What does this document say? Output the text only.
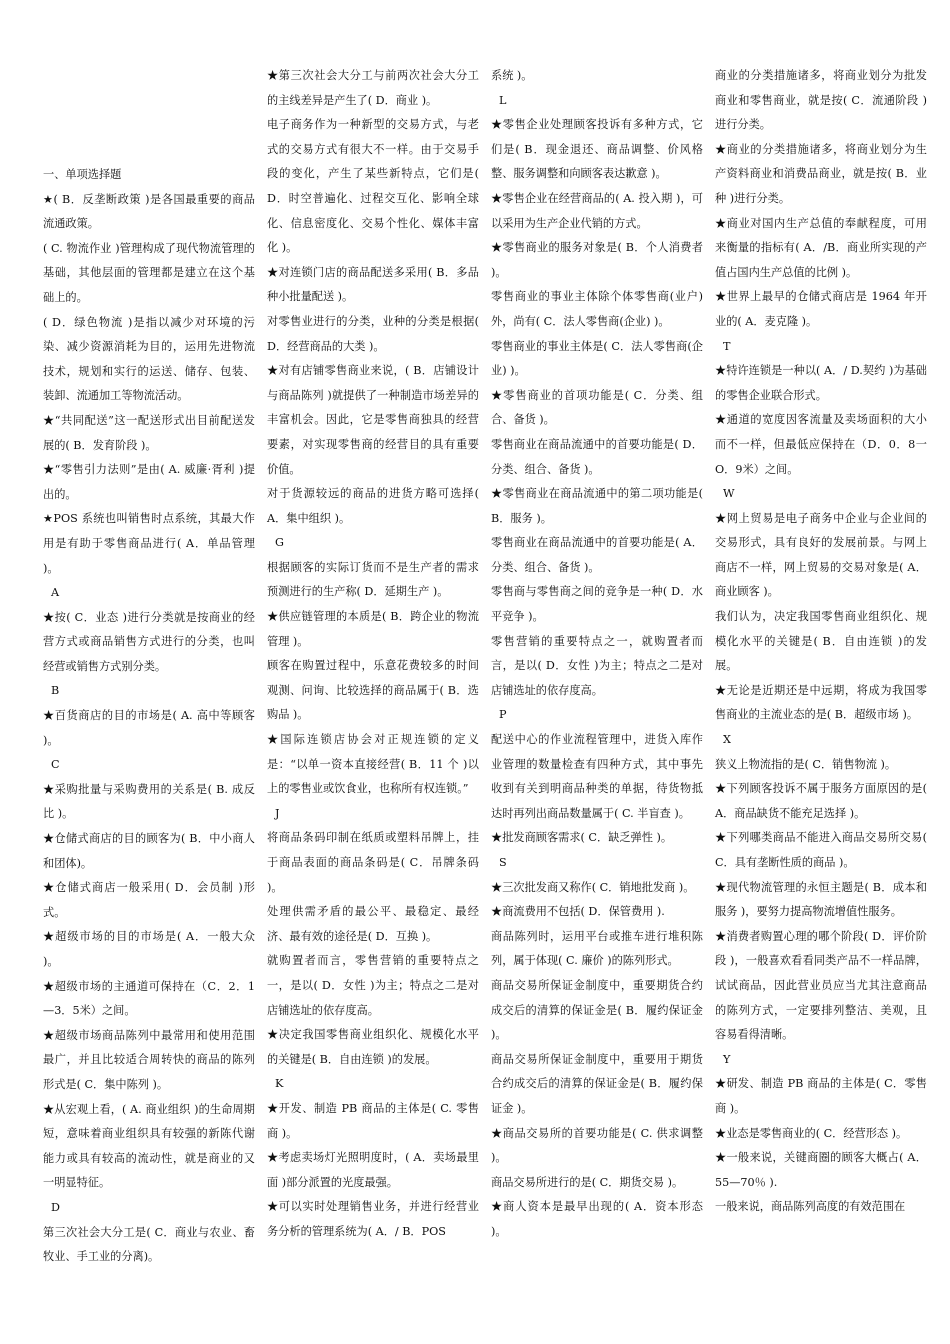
一、单项选择题

★( B．反垄断政策 )是各国最重要的商品流通政策。

( C. 物流作业 )管理构成了现代物流管理的基础，其他层面的管理都是建立在这个基础上的。

( D．绿色物流 )是指以减少对环境的污染、减少资源消耗为目的，运用先进物流技术，规划和实行的运送、储存、包装、装卸、流通加工等物流活动。

★“共同配送”这一配送形式出目前配送发展的( B．发育阶段 )。

★“零售引力法则”是由( A. 威廉·胥利 )提出的。

★POS 系统也叫销售时点系统，其最大作用是有助于零售商品进行( A．单品管理 )。

A

★按( C．业态 )进行分类就是按商业的经营方式或商品销售方式进行的分类，也叫经营或销售方式别分类。

B

★百货商店的目的市场是( A. 高中等顾客 )。

C

★采购批量与采购费用的关系是( B. 成反比 )。

★仓储式商店的目的顾客为( B．中小商人和团体)。

★仓储式商店一般采用( D．会员制 )形式。

★超级市场的目的市场是( A．一般大众 )。

★超级市场的主通道可保持在（C．2．1—3．5米）之间。

★超级市场商品陈列中最常用和使用范围最广，并且比较适合周转快的商品的陈列形式是( C．集中陈列 )。

★从宏观上看，( A. 商业组织 )的生命周期短，意味着商业组织具有较强的新陈代谢能力或具有较高的流动性，就是商业的又一明显特征。

D

第三次社会大分工是( C．商业与农业、畜牧业、手工业的分离)。

★第三次社会大分工与前两次社会大分工的主线差异是产生了( D．商业 )。

电子商务作为一种新型的交易方式，与老式的交易方式有很大不一样。由于交易手段的变化，产生了某些新特点，它们是( D．时空普遍化、过程交互化、影响全球化、信息密度化、交易个性化、媒体丰富化 )。

★对连锁门店的商品配送多采用( B．多品种小批量配送 )。

对零售业进行的分类，业种的分类是根据( D．经营商品的大类 )。

★对有店铺零售商业来说，( B．店铺设计与商品陈列 )就提供了一种制造市场差异的丰富机会。因此，它是零售商独具的经营要素，对实现零售商的经营目的具有重要价值。

对于货源较远的商品的进货方略可选择( A．集中组织 )。

G

根据顾客的实际订货而不是生产者的需求预测进行的生产称( D．延期生产 )。

★供应链管理的本质是( B．跨企业的物流管理 )。

顾客在购置过程中，乐意花费较多的时间观测、问询、比较选择的商品属于( B．选购品 )。

★国际连锁店协会对正规连锁的定义是：“以单一资本直接经营( B．11 个 )以上的零售业或饮食业，也称所有权连锁。”

J

将商品条码印制在纸质或塑料吊牌上，挂于商品表面的商品条码是( C．吊牌条码 )。

处理供需矛盾的最公平、最稳定、最经济、最有效的途径是( D．互换 )。

就购置者而言，零售营销的重要特点之一，是以( D．女性 )为主；特点之二是对店铺选址的依存度高。

★决定我国零售商业组织化、规模化水平的关键是( B．自由连锁 )的发展。

K

★开发、制造 PB 商品的主体是( C. 零售商 )。

★考虑卖场灯光照明度时，( A．卖场最里面 )部分派置的光度最强。

★可以实时处理销售业务，并进行经营业务分析的管理系统为( A．/ B．POS

系统 )。

L

★零售企业处理顾客投诉有多种方式，它们是( B．现金退还、商品调整、价风格整、服务调整和向顾客表达歉意 )。

★零售企业在经营商品的( A. 投入期 )，可以采用为生产企业代销的方式。

★零售商业的服务对象是( B．个人消费者 )。

零售商业的事业主体除个体零售商(业户)外，尚有( C．法人零售商(企业) )。

零售商业的事业主体是( C．法人零售商(企业) )。

★零售商业的首项功能是( C．分类、组合、备货 )。

零售商业在商品流通中的首要功能是( D．分类、组合、备货 )。

★零售商业在商品流通中的第二项功能是( B．服务 )。

零售商业在商品流通中的首要功能是( A．分类、组合、备货 )。

零售商与零售商之间的竞争是一种( D．水平竞争 )。

零售营销的重要特点之一，就购置者而言，是以( D．女性 )为主；特点之二是对店铺选址的依存度高。

P

配送中心的作业流程管理中，进货入库作业管理的数量检查有四种方式，其中事先收到有关到明商品种类的单据，待货物抵达时再列出商品数量属于( C. 半盲查 )。

★批发商顾客需求( C．缺乏弹性 )。

S

★三次批发商又称作( C．销地批发商 )。

★商流费用不包括( D．保管费用 ).

商品陈列时，运用平台或推车进行堆积陈列，属于体现( C. 廉价 )的陈列形式。

商品交易所保证金制度中，重要期货合约成交后的清算的保证金是( B．履约保证金 )。

商品交易所保证金制度中，重要用于期货合约成交后的清算的保证金是( B．履约保证金 )。

★商品交易所的首要功能是( C. 供求调整 )。

商品交易所进行的是( C．期货交易 )。

★商人资本是最早出现的( A．资本形态 )。

商业的分类措施诸多，将商业划分为批发商业和零售商业，就是按( C．流通阶段 ) 进行分类。

★商业的分类措施诸多，将商业划分为生产资料商业和消费品商业，就是按( B．业种 )进行分类。

★商业对国内生产总值的奉献程度，可用来衡量的指标有( A．/B．商业所实现的产值占国内生产总值的比例 )。

★世界上最早的仓储式商店是 1964 年开业的( A．麦克隆 )。

T

★特许连锁是一种以( A．/ D.契约 )为基础的零售企业联合形式。

★通道的宽度因客流量及卖场面积的大小而不一样，但最低应保持在（D．0．8一O．9米）之间。

W

★网上贸易是电子商务中企业与企业间的交易形式，具有良好的发展前景。与网上商店不一样，网上贸易的交易对象是( A．商业顾客 )。

我们认为，决定我国零售商业组织化、规模化水平的关键是( B．自由连锁 )的发展。

★无论是近期还是中远期，将成为我国零售商业的主流业态的是( B．超级市场 )。

X

狭义上物流指的是( C．销售物流 )。

★下列顾客投诉不属于服务方面原因的是( A．商品缺货不能充足选择 )。

★下列哪类商品不能进入商品交易所交易( C．具有垄断性质的商品 )。

★现代物流管理的永恒主题是( B．成本和服务 )，要努力提高物流增值性服务。

★消费者购置心理的哪个阶段( D．评价阶段 )，一般喜欢看看同类产品不一样品牌，试试商品，因此营业员应当尤其注意商品的陈列方式，一定要排列整洁、美观，且容易看得清晰。

Y

★研发、制造 PB 商品的主体是( C．零售商 )。

★业态是零售商业的( C．经营形态 )。

★一般来说，关键商圈的顾客大概占( A．55—70％ ).

一般来说，商品陈列高度的有效范围在
